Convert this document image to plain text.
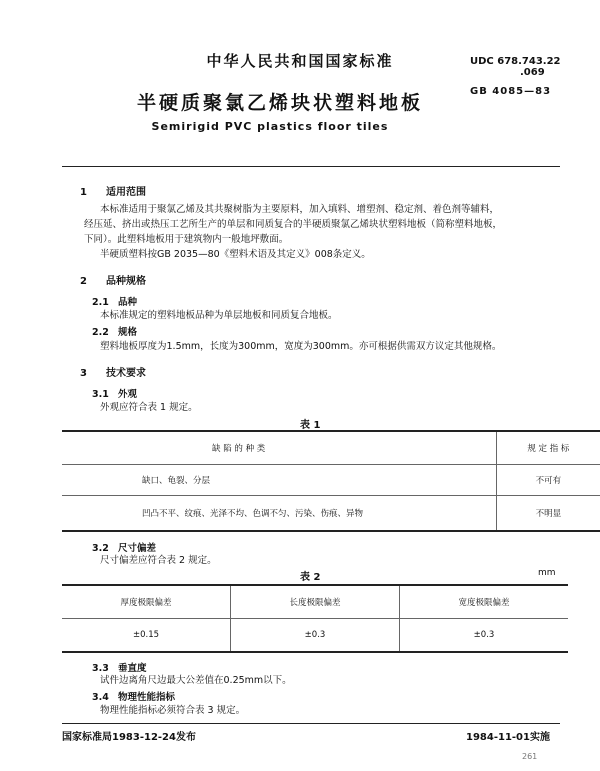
中华人民共和国国家标准	UDC 678.743.22
.069
半硬质聚氯乙烯块状塑料地板
GB 4085—83
Semirigid PVC plastics floor tiles
1 适用范围
本标准适用于聚氯乙烯及其共聚树脂为主要原料，加入填料、增塑剂、稳定剂、着色剂等辅料，
经压延、挤出或热压工艺所生产的单层和同质复合的半硬质聚氯乙烯块状塑料地板（简称塑料地板，
下同）。此塑料地板用于建筑物内一般地坪敷面。
半硬质塑料按GB 2035—80《塑料术语及其定义》008条定义。
2 品种规格
2.1 品种
本标准规定的塑料地板品种为单层地板和同质复合地板。
2.2 规格
塑料地板厚度为1.5mm，长度为300mm，宽度为300mm。亦可根据供需双方议定其他规格。
3 技术要求
3.1 外观
外观应符合表 1 规定。
表 1
缺 陷 的 种 类	规 定 指 标
缺口、龟裂、分层	不可有
凹凸不平、纹痕、光泽不均、色调不匀、污染、伤痕、异物	不明显
3.2 尺寸偏差
尺寸偏差应符合表 2 规定。
表 2	mm
厚度极限偏差	长度极限偏差	宽度极限偏差
±0.15	±0.3	±0.3
3.3 垂直度
试件边离角尺边最大公差值在0.25mm以下。
3.4 物理性能指标
物理性能指标必须符合表 3 规定。
国家标准局1983-12-24发布	1984-11-01实施
261
